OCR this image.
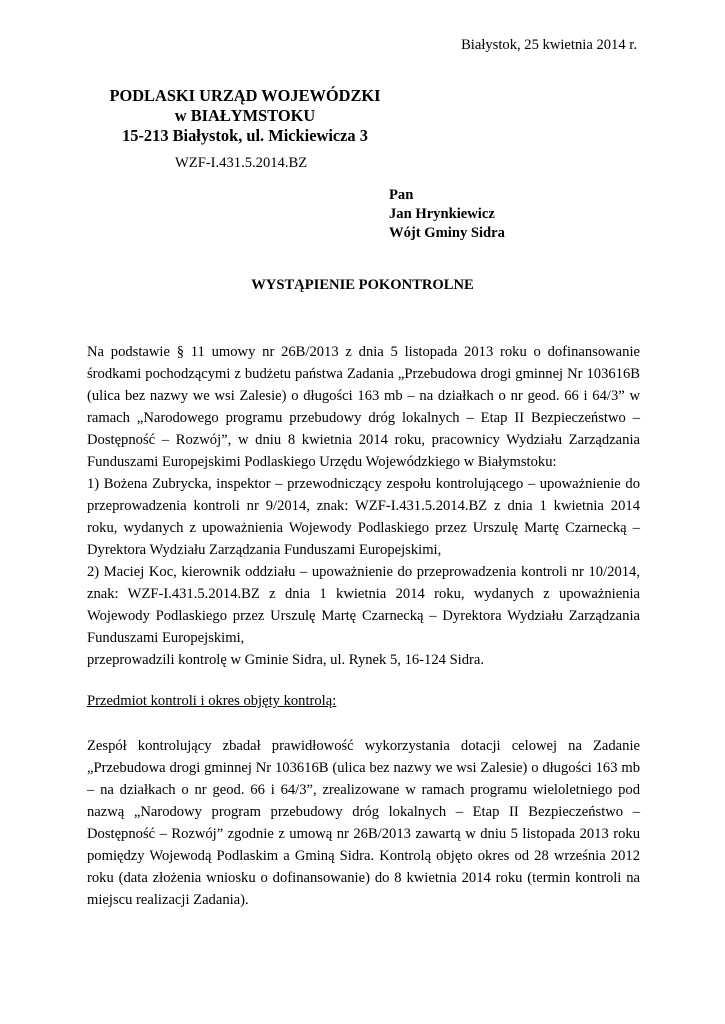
Białystok, 25 kwietnia 2014 r.
PODLASKI URZĄD WOJEWÓDZKI
w BIAŁYMSTOKU
15-213 Białystok, ul. Mickiewicza 3
WZF-I.431.5.2014.BZ
Pan
Jan Hrynkiewicz
Wójt Gminy Sidra
WYSTĄPIENIE POKONTROLNE
Na podstawie § 11 umowy nr 26B/2013 z dnia 5 listopada 2013 roku o dofinansowanie
środkami pochodzącymi z budżetu państwa Zadania „Przebudowa drogi gminnej Nr 103616B
(ulica bez nazwy we wsi Zalesie) o długości 163 mb – na działkach o nr geod. 66 i 64/3” w
ramach „Narodowego programu przebudowy dróg lokalnych – Etap II Bezpieczeństwo –
Dostępność – Rozwój”, w dniu 8 kwietnia 2014 roku, pracownicy Wydziału Zarządzania
Funduszami Europejskimi Podlaskiego Urzędu Wojewódzkiego w Białymstoku:
1) Bożena Zubrycka, inspektor – przewodniczący zespołu kontrolującego – upoważnienie do
przeprowadzenia kontroli nr 9/2014, znak: WZF-I.431.5.2014.BZ z dnia 1 kwietnia 2014
roku, wydanych z upoważnienia Wojewody Podlaskiego przez Urszulę Martę Czarnecką –
Dyrektora Wydziału Zarządzania Funduszami Europejskimi,
2) Maciej Koc, kierownik oddziału – upoważnienie do przeprowadzenia kontroli nr 10/2014,
znak: WZF-I.431.5.2014.BZ z dnia 1 kwietnia 2014 roku, wydanych z upoważnienia
Wojewody Podlaskiego przez Urszulę Martę Czarnecką – Dyrektora Wydziału Zarządzania
Funduszami Europejskimi,
przeprowadzili kontrolę w Gminie Sidra, ul. Rynek 5, 16-124 Sidra.
Przedmiot kontroli i okres objęty kontrolą:
Zespół kontrolujący zbadał prawidłowość wykorzystania dotacji celowej na Zadanie
„Przebudowa drogi gminnej Nr 103616B (ulica bez nazwy we wsi Zalesie) o długości 163 mb
– na działkach o nr geod. 66 i 64/3”, zrealizowane w ramach programu wieloletniego pod
nazwą „Narodowy program przebudowy dróg lokalnych – Etap II Bezpieczeństwo –
Dostępność – Rozwój” zgodnie z umową nr 26B/2013 zawartą w dniu 5 listopada 2013 roku
pomiędzy Wojewodą Podlaskim a Gminą Sidra. Kontrolą objęto okres od 28 września 2012
roku (data złożenia wniosku o dofinansowanie) do 8 kwietnia 2014 roku (termin kontroli na
miejscu realizacji Zadania).
